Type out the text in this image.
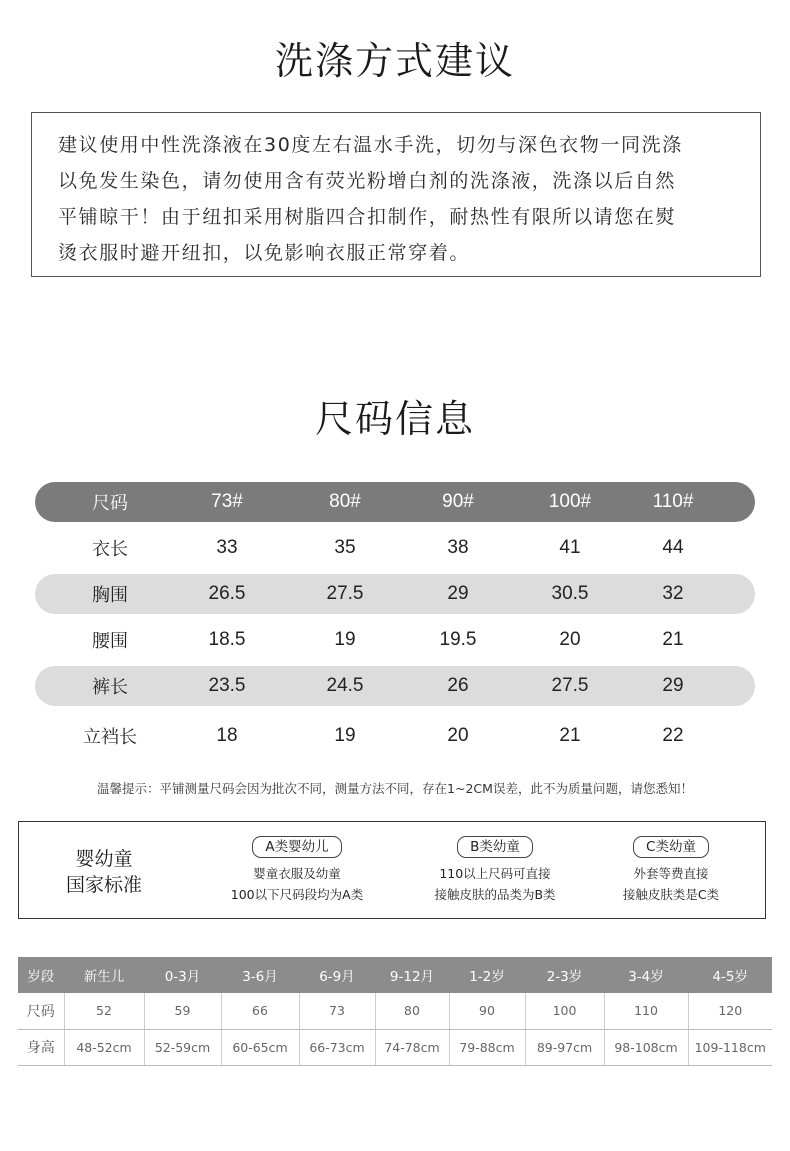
洗涤方式建议

建议使用中性洗涤液在30度左右温水手洗，切勿与深色衣物一同洗涤

以免发生染色，请勿使用含有荧光粉增白剂的洗涤液，洗涤以后自然

平铺晾干！由于纽扣采用树脂四合扣制作，耐热性有限所以请您在熨

烫衣服时避开纽扣，以免影响衣服正常穿着。

尺码信息
尺码	73#	80#	90#	100#	110#
衣长	33	35	38	41	44
胸围	26.5	27.5	29	30.5	32
腰围	18.5	19	19.5	20	21
裤长	23.5	24.5	26	27.5	29
立裆长	18	19	20	21	22

温馨提示：平铺测量尺码会因为批次不同，测量方法不同，存在1~2CM误差，此不为质量问题，请您悉知！

婴幼童
国家标准
A类婴幼儿
婴童衣服及幼童
100以下尺码段均为A类
B类幼童
110以上尺码可直接
接触皮肤的品类为B类
C类幼童
外套等费直接
接触皮肤类是C类
岁段	新生儿	0-3月	3-6月	6-9月	9-12月	1-2岁	2-3岁	3-4岁	4-5岁
尺码	52	59	66	73	80	90	100	110	120
身高	48-52cm	52-59cm	60-65cm	66-73cm	74-78cm	79-88cm	89-97cm	98-108cm	109-118cm
